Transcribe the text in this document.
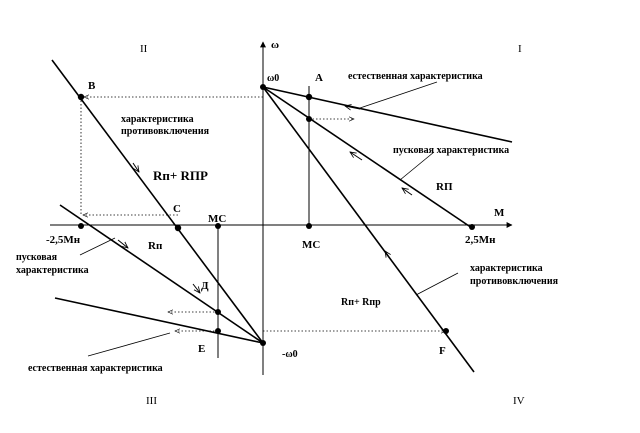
ω
M
I
II
III	IV
A
B
C
Д
E	F
ω0
-ω0
MC
MC	2,5Mн
-2,5Mн
естественная характеристика
пусковая характеристика
RП
характеристика
противовключения
Rп+ RПР
Rп
пусковая
характеристика	характеристика
противовключения
Rп+ Rпр
естественная характеристика
